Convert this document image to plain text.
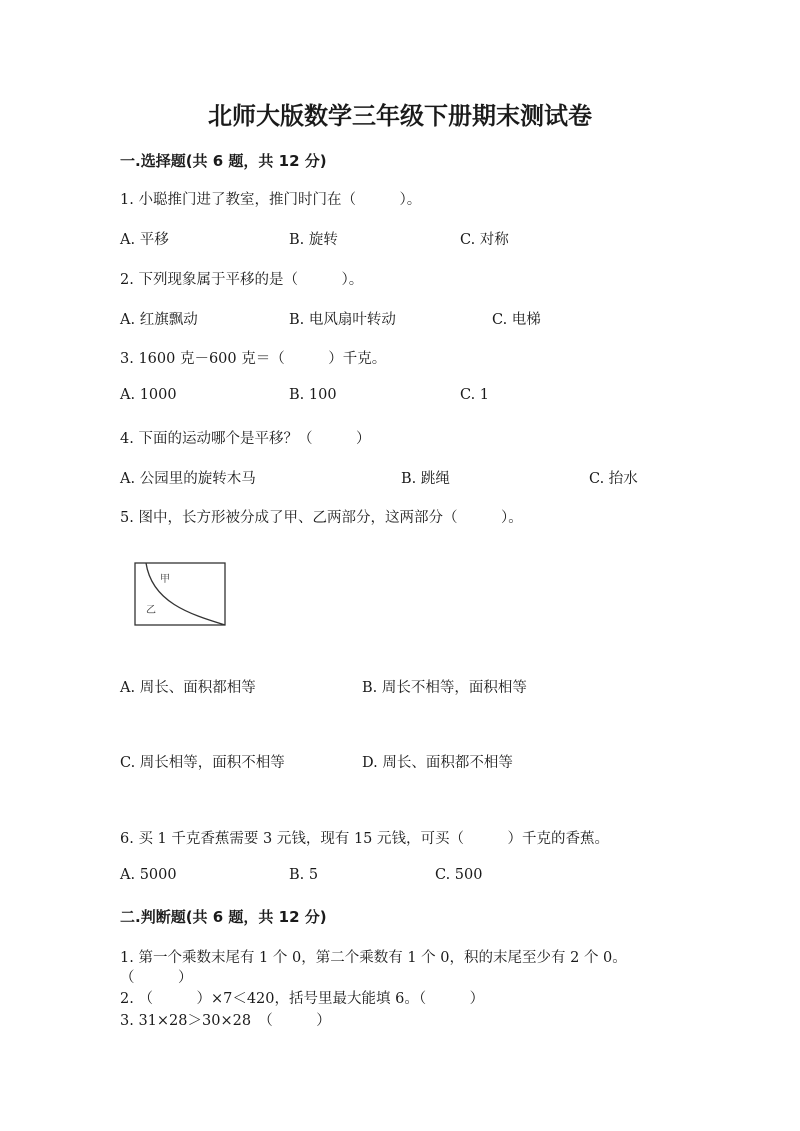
北师大版数学三年级下册期末测试卷
一.选择题(共 6 题，共 12 分)
1. 小聪推门进了教室，推门时门在（　　　）。
A. 平移	B. 旋转	C. 对称
2. 下列现象属于平移的是（　　　）。
A. 红旗飘动	B. 电风扇叶转动	C. 电梯
3. 1600 克－600 克＝（　　　）千克。
A. 1000	B. 100	C. 1
4. 下面的运动哪个是平移？（　　　）
A. 公园里的旋转木马	B. 跳绳	C. 抬水
5. 图中，长方形被分成了甲、乙两部分，这两部分（　　　）。
甲
乙
A. 周长、面积都相等	B. 周长不相等，面积相等
C. 周长相等，面积不相等	D. 周长、面积都不相等
6. 买 1 千克香蕉需要 3 元钱，现有 15 元钱，可买（　　　）千克的香蕉。
A. 5000	B. 5	C. 500
二.判断题(共 6 题，共 12 分)
1. 第一个乘数末尾有 1 个 0，第二个乘数有 1 个 0，积的末尾至少有 2 个 0。
（　　　）
2. （　　　）×7＜420，括号里最大能填 6。（　　　）
3. 31×28＞30×28　（　　　）
